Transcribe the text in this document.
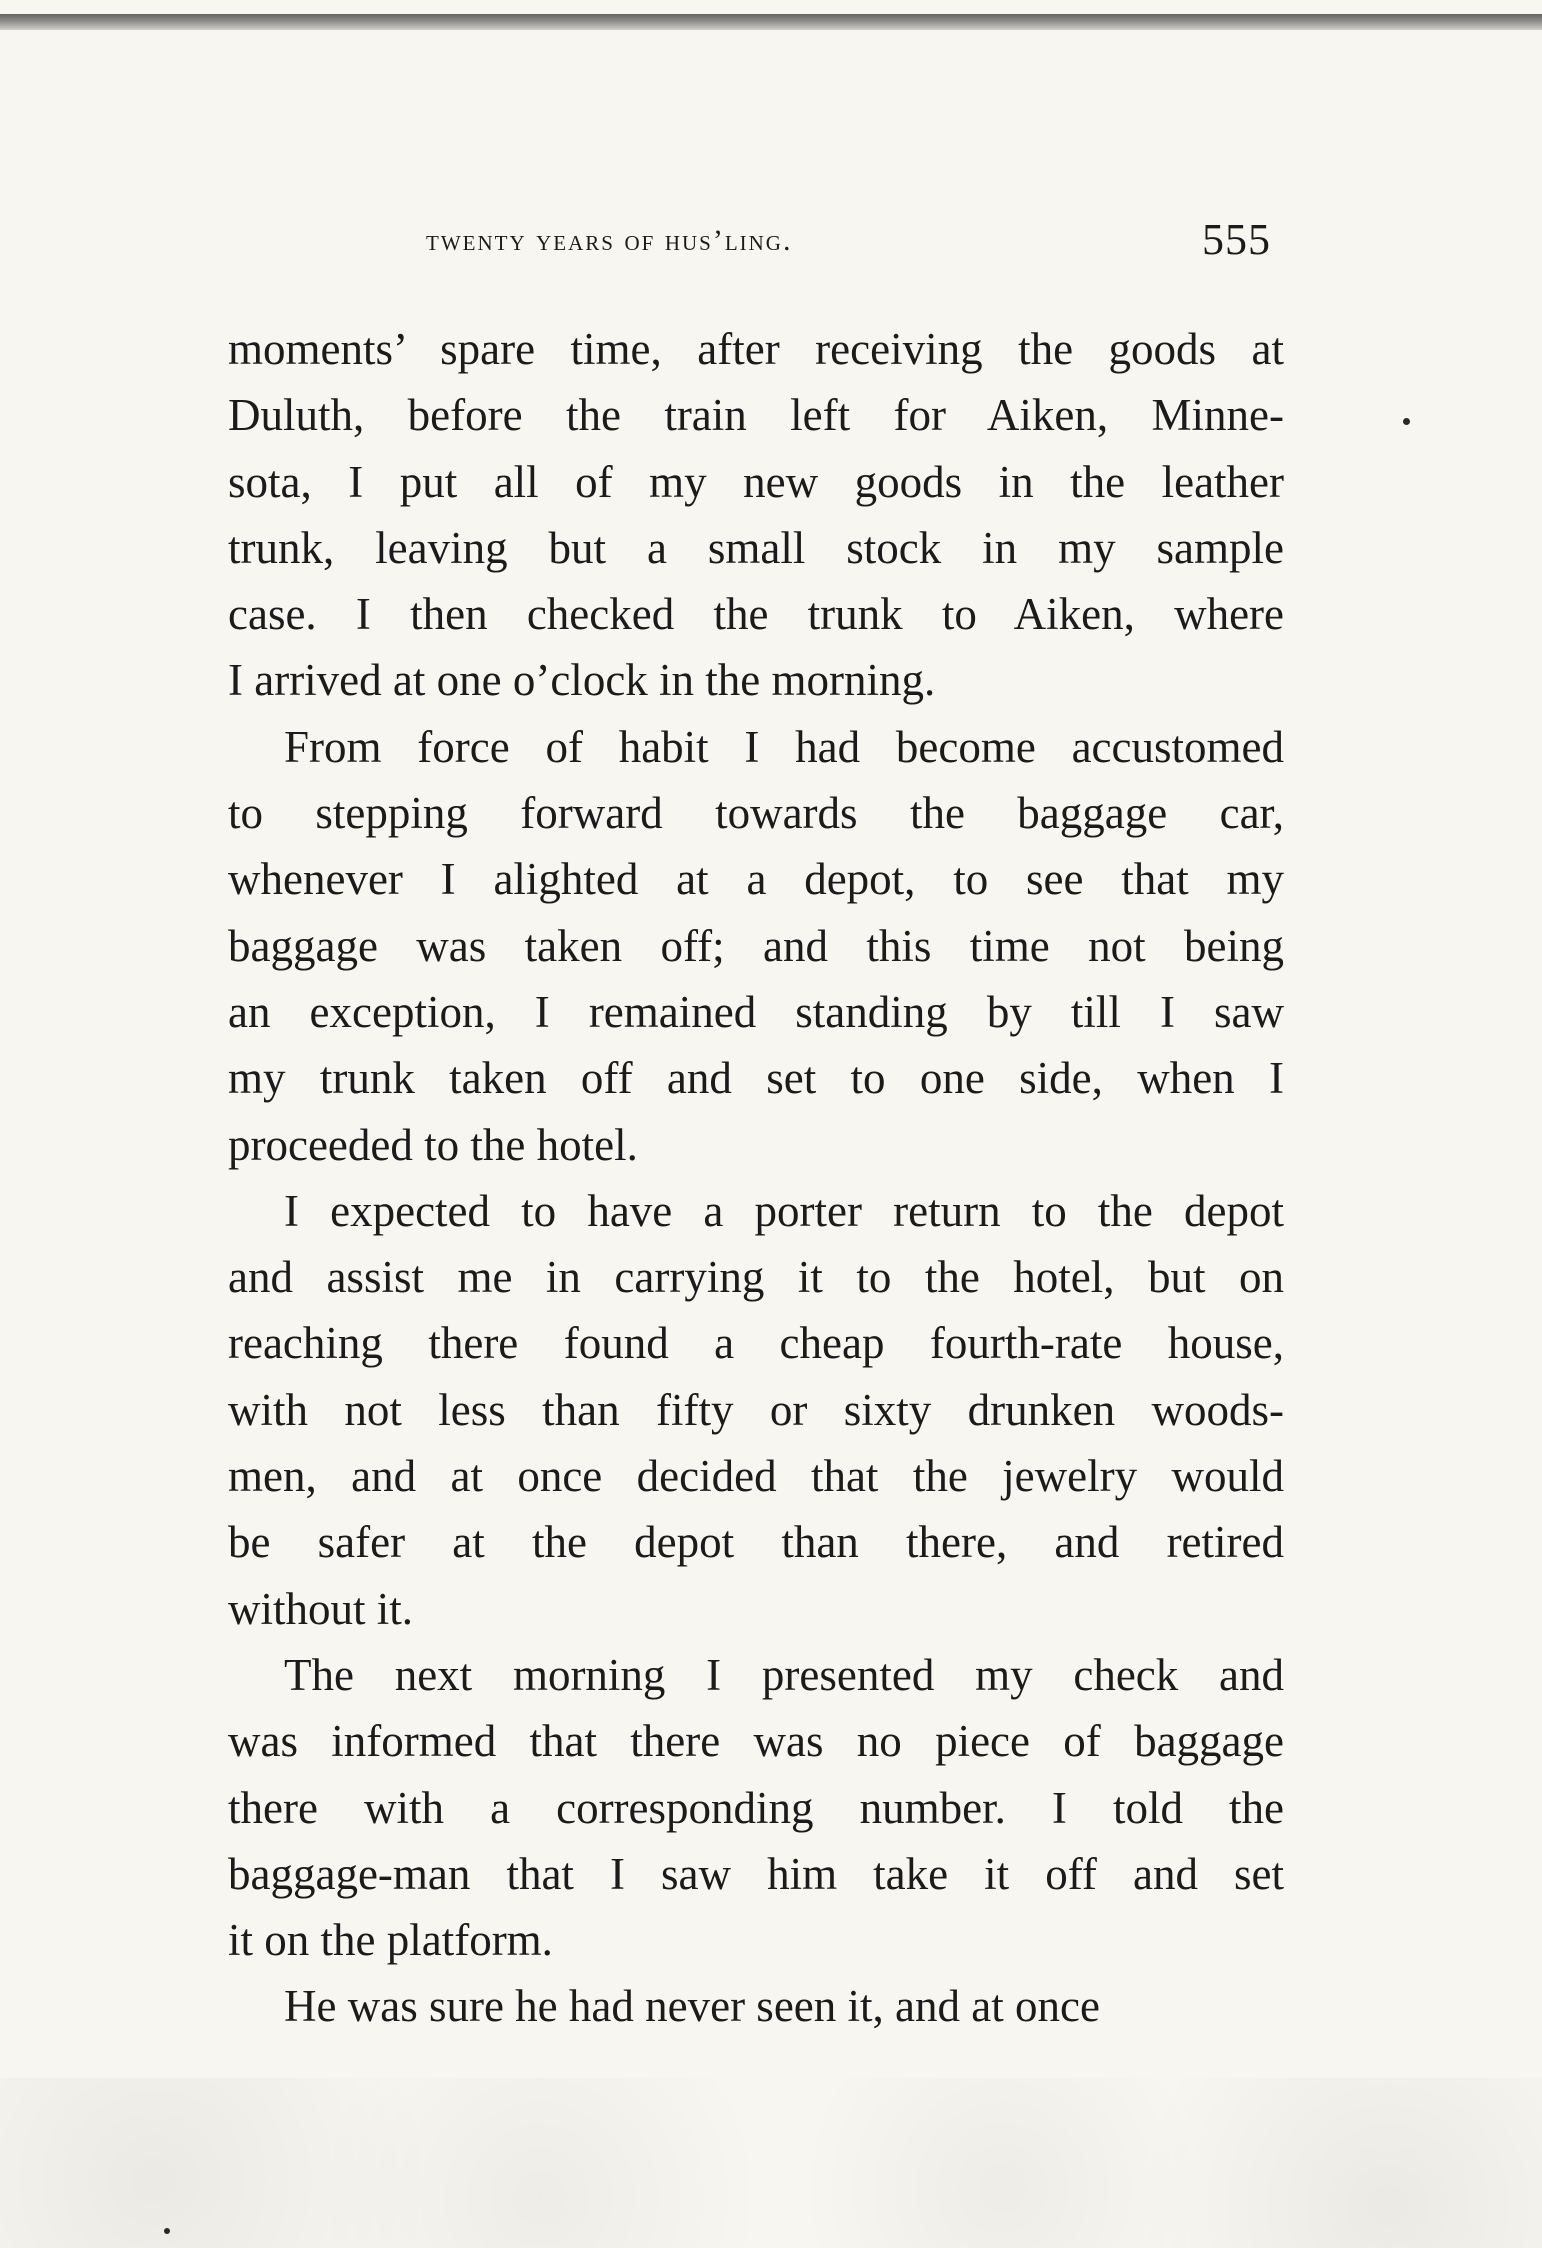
twenty years of hus’ling.	555
moments’ spare time, after receiving the goods at
Duluth, before the train left for Aiken, Minne-
sota, I put all of my new goods in the leather
trunk, leaving but a small stock in my sample
case. I then checked the trunk to Aiken, where
I arrived at one o’clock in the morning.
From force of habit I had become accustomed
to stepping forward towards the baggage car,
whenever I alighted at a depot, to see that my
baggage was taken off; and this time not being
an exception, I remained standing by till I saw
my trunk taken off and set to one side, when I
proceeded to the hotel.
I expected to have a porter return to the depot
and assist me in carrying it to the hotel, but on
reaching there found a cheap fourth-rate house,
with not less than fifty or sixty drunken woods-
men, and at once decided that the jewelry would
be safer at the depot than there, and retired
without it.
The next morning I presented my check and
was informed that there was no piece of baggage
there with a corresponding number. I told the
baggage-man that I saw him take it off and set
it on the platform.
He was sure he had never seen it, and at once
